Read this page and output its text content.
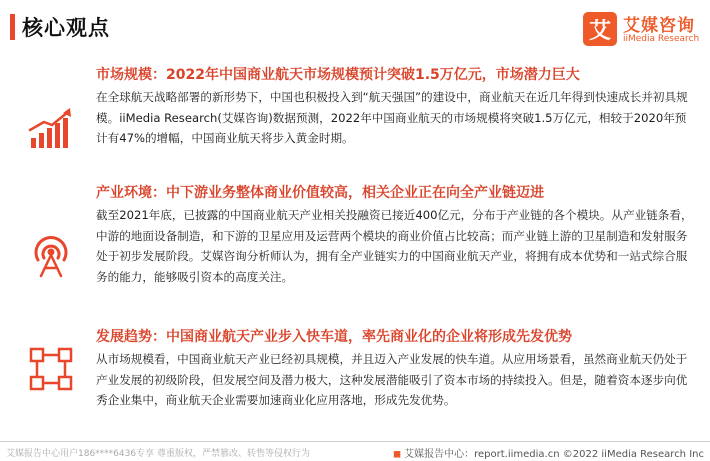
核心观点	艾 艾媒咨询
iiMedia Research
市场规模：2022年中国商业航天市场规模预计突破1.5万亿元，市场潜力巨大
在全球航天战略部署的新形势下，中国也积极投入到“航天强国”的建设中，商业航天在近几年得到快速成长并初具规模。iiMedia Research(艾媒咨询)数据预测，2022年中国商业航天的市场规模将突破1.5万亿元，相较于2020年预计有47%的增幅，中国商业航天将步入黄金时期。
产业环境：中下游业务整体商业价值较高，相关企业正在向全产业链迈进
截至2021年底，已披露的中国商业航天产业相关投融资已接近400亿元，分布于产业链的各个模块。从产业链条看，中游的地面设备制造，和下游的卫星应用及运营两个模块的商业价值占比较高；而产业链上游的卫星制造和发射服务处于初步发展阶段。艾媒咨询分析师认为，拥有全产业链实力的中国商业航天产业，将拥有成本优势和一站式综合服务的能力，能够吸引资本的高度关注。
发展趋势：中国商业航天产业步入快车道，率先商业化的企业将形成先发优势
从市场规模看，中国商业航天产业已经初具规模，并且迈入产业发展的快车道。从应用场景看，虽然商业航天仍处于产业发展的初级阶段，但发展空间及潜力极大，这种发展潜能吸引了资本市场的持续投入。但是，随着资本逐步向优秀企业集中，商业航天企业需要加速商业化应用落地，形成先发优势。
艾媒报告中心用户186****6436专享 尊重版权，严禁篡改、转售等侵权行为	◼ 艾媒报告中心：report.iimedia.cn ©2022 iiMedia Research Inc
